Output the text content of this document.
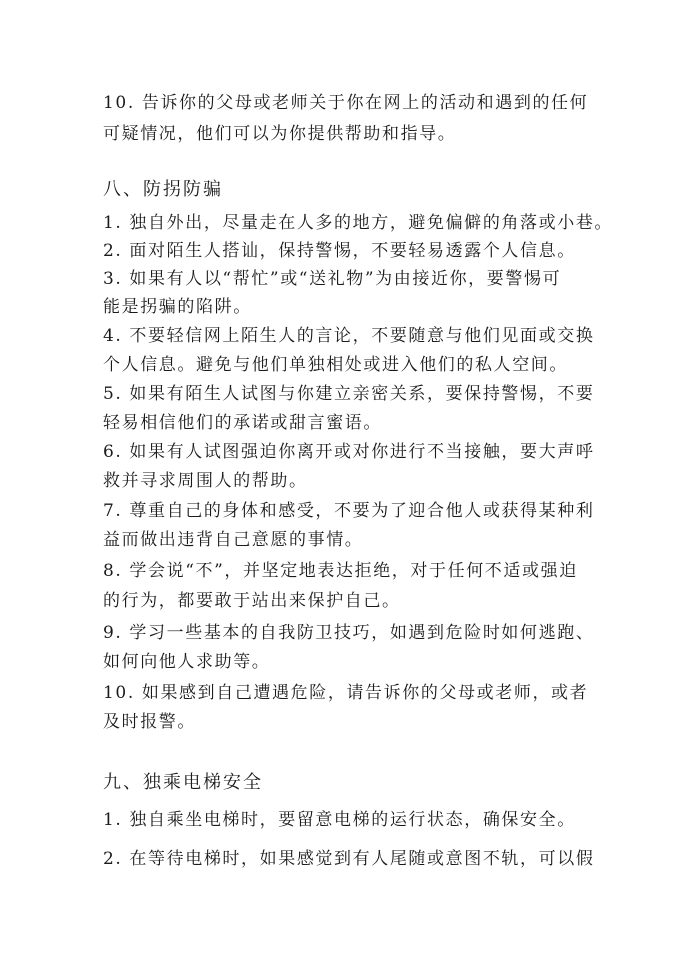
10. 告诉你的父母或老师关于你在网上的活动和遇到的任何
可疑情况，他们可以为你提供帮助和指导。
八、防拐防骗
1. 独自外出，尽量走在人多的地方，避免偏僻的角落或小巷。
2. 面对陌生人搭讪，保持警惕，不要轻易透露个人信息。
3. 如果有人以“帮忙”或“送礼物”为由接近你，要警惕可
能是拐骗的陷阱。
4. 不要轻信网上陌生人的言论，不要随意与他们见面或交换
个人信息。避免与他们单独相处或进入他们的私人空间。
5. 如果有陌生人试图与你建立亲密关系，要保持警惕，不要
轻易相信他们的承诺或甜言蜜语。
6. 如果有人试图强迫你离开或对你进行不当接触，要大声呼
救并寻求周围人的帮助。
7. 尊重自己的身体和感受，不要为了迎合他人或获得某种利
益而做出违背自己意愿的事情。
8. 学会说“不”，并坚定地表达拒绝，对于任何不适或强迫
的行为，都要敢于站出来保护自己。
9. 学习一些基本的自我防卫技巧，如遇到危险时如何逃跑、
如何向他人求助等。
10. 如果感到自己遭遇危险，请告诉你的父母或老师，或者
及时报警。
九、独乘电梯安全
1. 独自乘坐电梯时，要留意电梯的运行状态，确保安全。
2. 在等待电梯时，如果感觉到有人尾随或意图不轨，可以假
